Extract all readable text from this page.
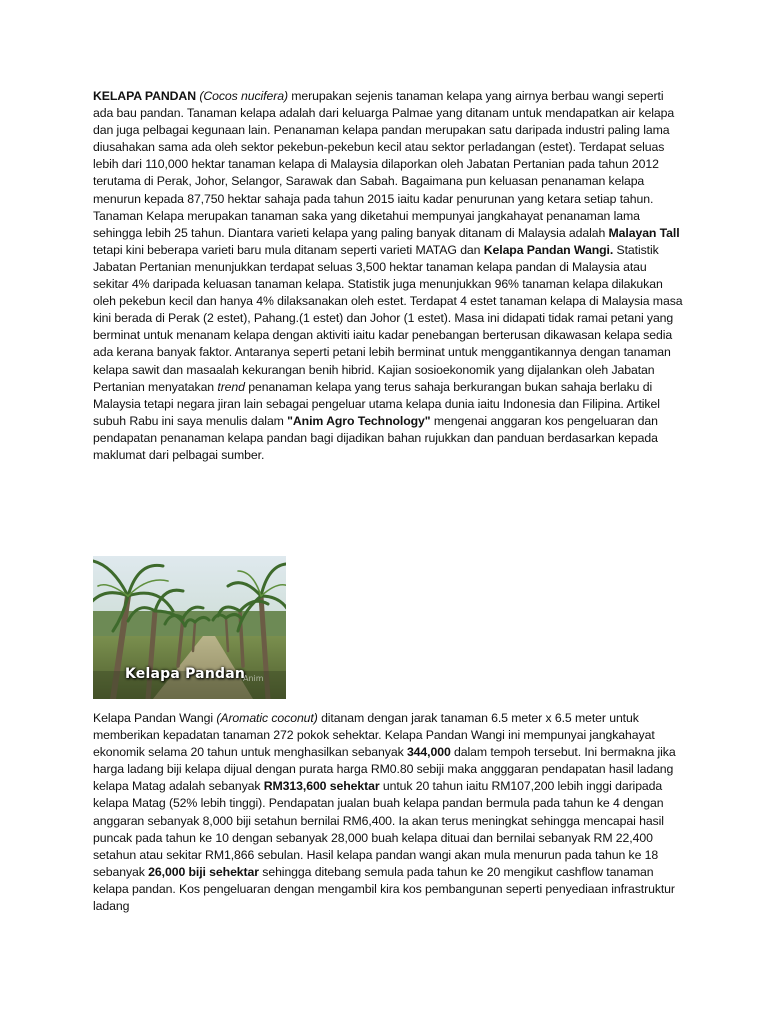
KELAPA PANDAN (Cocos nucifera) merupakan sejenis tanaman kelapa yang airnya berbau wangi seperti ada bau pandan. Tanaman kelapa adalah dari keluarga Palmae yang ditanam untuk mendapatkan air kelapa dan juga pelbagai kegunaan lain. Penanaman kelapa pandan merupakan satu daripada industri paling lama diusahakan sama ada oleh sektor pekebun-pekebun kecil atau sektor perladangan (estet). Terdapat seluas lebih dari 110,000 hektar tanaman kelapa di Malaysia dilaporkan oleh Jabatan Pertanian pada tahun 2012 terutama di Perak, Johor, Selangor, Sarawak dan Sabah. Bagaimana pun keluasan penanaman kelapa menurun kepada 87,750 hektar sahaja pada tahun 2015 iaitu kadar penurunan yang ketara setiap tahun. Tanaman Kelapa merupakan tanaman saka yang diketahui mempunyai jangkahayat penanaman lama sehingga lebih 25 tahun. Diantara varieti kelapa yang paling banyak ditanam di Malaysia adalah Malayan Tall tetapi kini beberapa varieti baru mula ditanam seperti varieti MATAG dan Kelapa Pandan Wangi. Statistik Jabatan Pertanian menunjukkan terdapat seluas 3,500 hektar tanaman kelapa pandan di Malaysia atau sekitar 4% daripada keluasan tanaman kelapa. Statistik juga menunjukkan 96% tanaman kelapa dilakukan oleh pekebun kecil dan hanya 4% dilaksanakan oleh estet. Terdapat 4 estet tanaman kelapa di Malaysia masa kini berada di Perak (2 estet), Pahang.(1 estet) dan Johor (1 estet). Masa ini didapati tidak ramai petani yang berminat untuk menanam kelapa dengan aktiviti iaitu kadar penebangan berterusan dikawasan kelapa sedia ada kerana banyak faktor. Antaranya seperti petani lebih berminat untuk menggantikannya dengan tanaman kelapa sawit dan masaalah kekurangan benih hibrid. Kajian sosioekonomik yang dijalankan oleh Jabatan Pertanian menyatakan trend penanaman kelapa yang terus sahaja berkurangan bukan sahaja berlaku di Malaysia tetapi negara jiran lain sebagai pengeluar utama kelapa dunia iaitu Indonesia dan Filipina. Artikel subuh Rabu ini saya menulis dalam "Anim Agro Technology" mengenai anggaran kos pengeluaran dan pendapatan penanaman kelapa pandan bagi dijadikan bahan rujukkan dan panduan berdasarkan kepada maklumat dari pelbagai sumber.

Kelapa Pandan
Anim

Kelapa Pandan Wangi (Aromatic coconut) ditanam dengan jarak tanaman 6.5 meter x 6.5 meter untuk memberikan kepadatan tanaman 272 pokok sehektar. Kelapa Pandan Wangi ini mempunyai jangkahayat ekonomik selama 20 tahun untuk menghasilkan sebanyak 344,000 dalam tempoh tersebut. Ini bermakna jika harga ladang biji kelapa dijual dengan purata harga RM0.80 sebiji maka angggaran pendapatan hasil ladang kelapa Matag adalah sebanyak RM313,600 sehektar untuk 20 tahun iaitu RM107,200 lebih inggi daripada kelapa Matag (52% lebih tinggi). Pendapatan jualan buah kelapa pandan bermula pada tahun ke 4 dengan anggaran sebanyak 8,000 biji setahun bernilai RM6,400. Ia akan terus meningkat sehingga mencapai hasil puncak pada tahun ke 10 dengan sebanyak 28,000 buah kelapa dituai dan bernilai sebanyak RM 22,400 setahun atau sekitar RM1,866 sebulan. Hasil kelapa pandan wangi akan mula menurun pada tahun ke 18 sebanyak 26,000 biji sehektar sehingga ditebang semula pada tahun ke 20 mengikut cashflow tanaman kelapa pandan. Kos pengeluaran dengan mengambil kira kos pembangunan seperti penyediaan infrastruktur ladang
